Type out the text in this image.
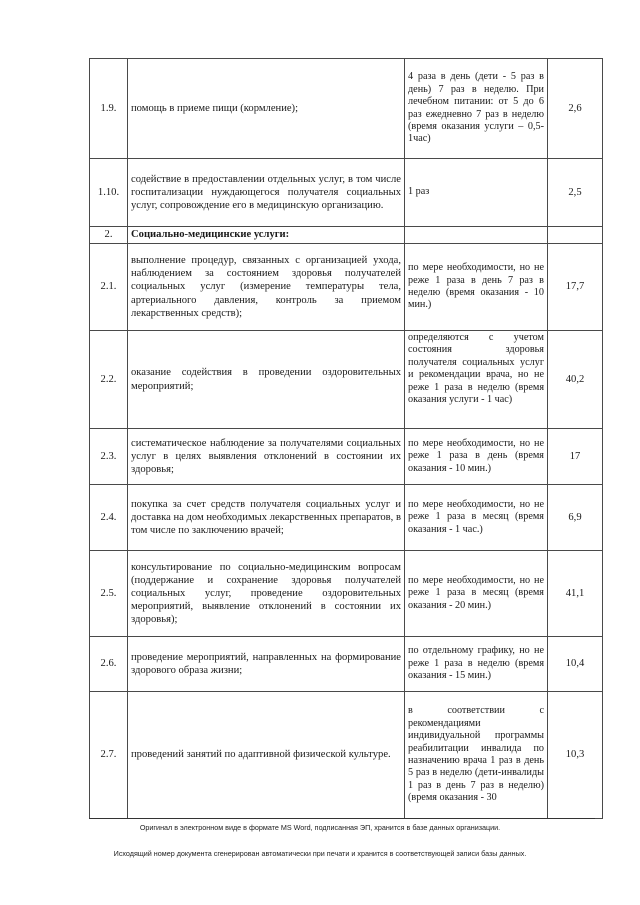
1.9.	помощь в приеме пищи (кормление);	4 раза в день (дети - 5 раз в день) 7 раз в неделю. При лечебном питании: от 5 до 6 раз ежедневно 7 раз в неделю (время оказания услуги – 0,5-1час)	2,6
1.10.	содействие в предоставлении отдельных услуг, в том числе госпитализации нуждающегося получателя социальных услуг, сопровождение его в медицинскую организацию.	1 раз	2,5
2.	Социально-медицинские услуги:		
2.1.	выполнение процедур, связанных с организацией ухода, наблюдением за состоянием здоровья получателей социальных услуг (измерение температуры тела, артериального давления, контроль за приемом лекарственных средств);	по мере необходимости, но не реже 1 раза в день 7 раз в неделю (время оказания - 10 мин.)	17,7
2.2.	оказание содействия в проведении оздоровительных мероприятий;	определяются с учетом состояния здоровья получателя социальных услуг и рекомендации врача, но не реже 1 раза в неделю (время оказания услуги - 1 час)	40,2
2.3.	систематическое наблюдение за получателями социальных услуг в целях выявления отклонений в состоянии их здоровья;	по мере необходимости, но не реже 1 раза в день (время оказания - 10 мин.)	17
2.4.	покупка за счет средств получателя социальных услуг и доставка на дом необходимых лекарственных препаратов, в том числе по заключению врачей;	по мере необходимости, но не реже 1 раза в месяц (время оказания - 1 час.)	6,9
2.5.	консультирование по социально-медицинским вопросам (поддержание и сохранение здоровья получателей социальных услуг, проведение оздоровительных мероприятий, выявление отклонений в состоянии их здоровья);	по мере необходимости, но не реже 1 раза в месяц (время оказания - 20 мин.)	41,1
2.6.	проведение мероприятий, направленных на формирование здорового образа жизни;	по отдельному графику, но не реже 1 раза в неделю (время оказания - 15 мин.)	10,4
2.7.	проведений занятий по адаптивной физической культуре.	в соответствии с рекомендациями индивидуальной программы реабилитации инвалида по назначению врача 1 раз в день 5 раз в неделю (дети-инвалиды 1 раз в день 7 раз в неделю) (время оказания - 30	10,3
Оригинал в электронном виде в формате MS Word, подписанная ЭП, хранится в базе данных организации.
Исходящий номер документа сгенерирован автоматически при печати и хранится в соответствующей записи базы данных.
